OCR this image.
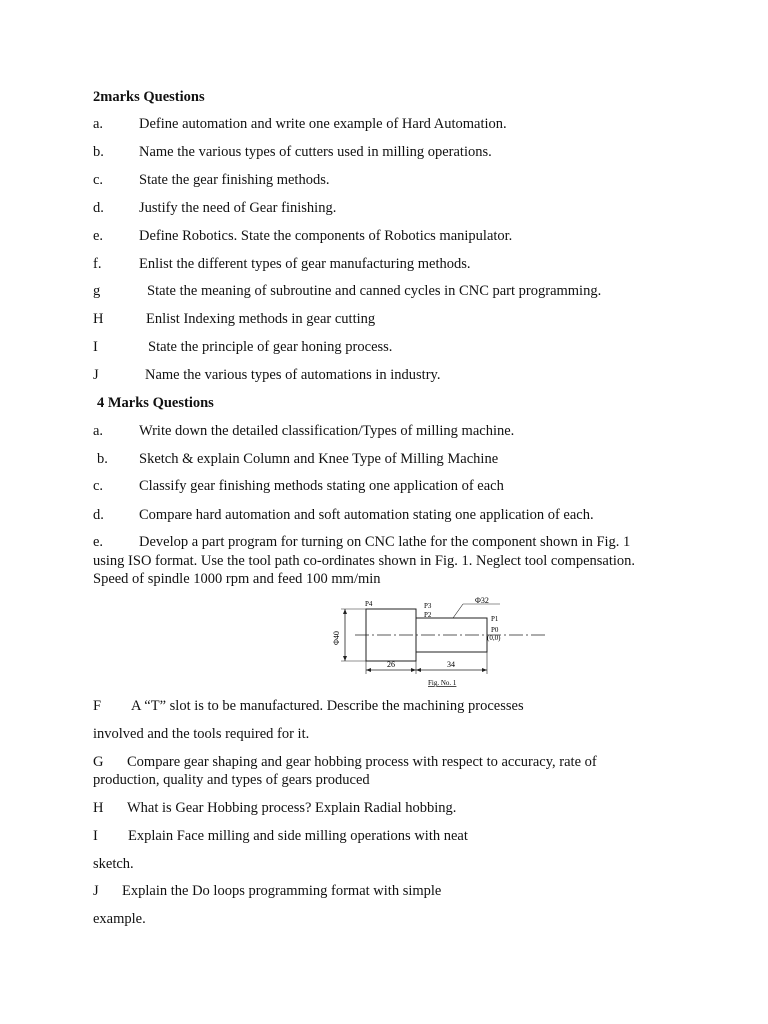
2marks Questions
a. Define automation and write one example of Hard Automation.
b. Name the various types of cutters used in milling operations.
c. State the gear finishing methods.
d. Justify the need of Gear finishing.
e. Define Robotics. State the components of Robotics manipulator.
f.	Enlist the different types of gear manufacturing methods.
g	State the meaning of subroutine and canned cycles in CNC part programming.
H	Enlist Indexing methods in gear cutting
I	State the principle of gear honing process.
J	Name the various types of automations in industry.
4 Marks Questions
a. Write down the detailed classification/Types of milling machine.
b. Sketch & explain Column and Knee Type of Milling Machine
c. Classify gear finishing methods stating one application of each
d. Compare hard automation and soft automation stating one application of each.
e. Develop a part program for turning on CNC lathe for the component shown in Fig. 1
using ISO format. Use the tool path co-ordinates shown in Fig. 1. Neglect tool compensation.
Speed of spindle 1000 rpm and feed 100 mm/min
Φ40
26	34
Φ32
P4	P3
P2	P1
P0
(0,0)
Fig. No. 1
F A “T” slot is to be manufactured. Describe the machining processes
involved and the tools required for it.
G Compare gear shaping and gear hobbing process with respect to accuracy, rate of
production, quality and types of gears produced
H What is Gear Hobbing process? Explain Radial hobbing.
I Explain Face milling and side milling operations with neat
sketch.
J Explain the Do loops programming format with simple
example.
